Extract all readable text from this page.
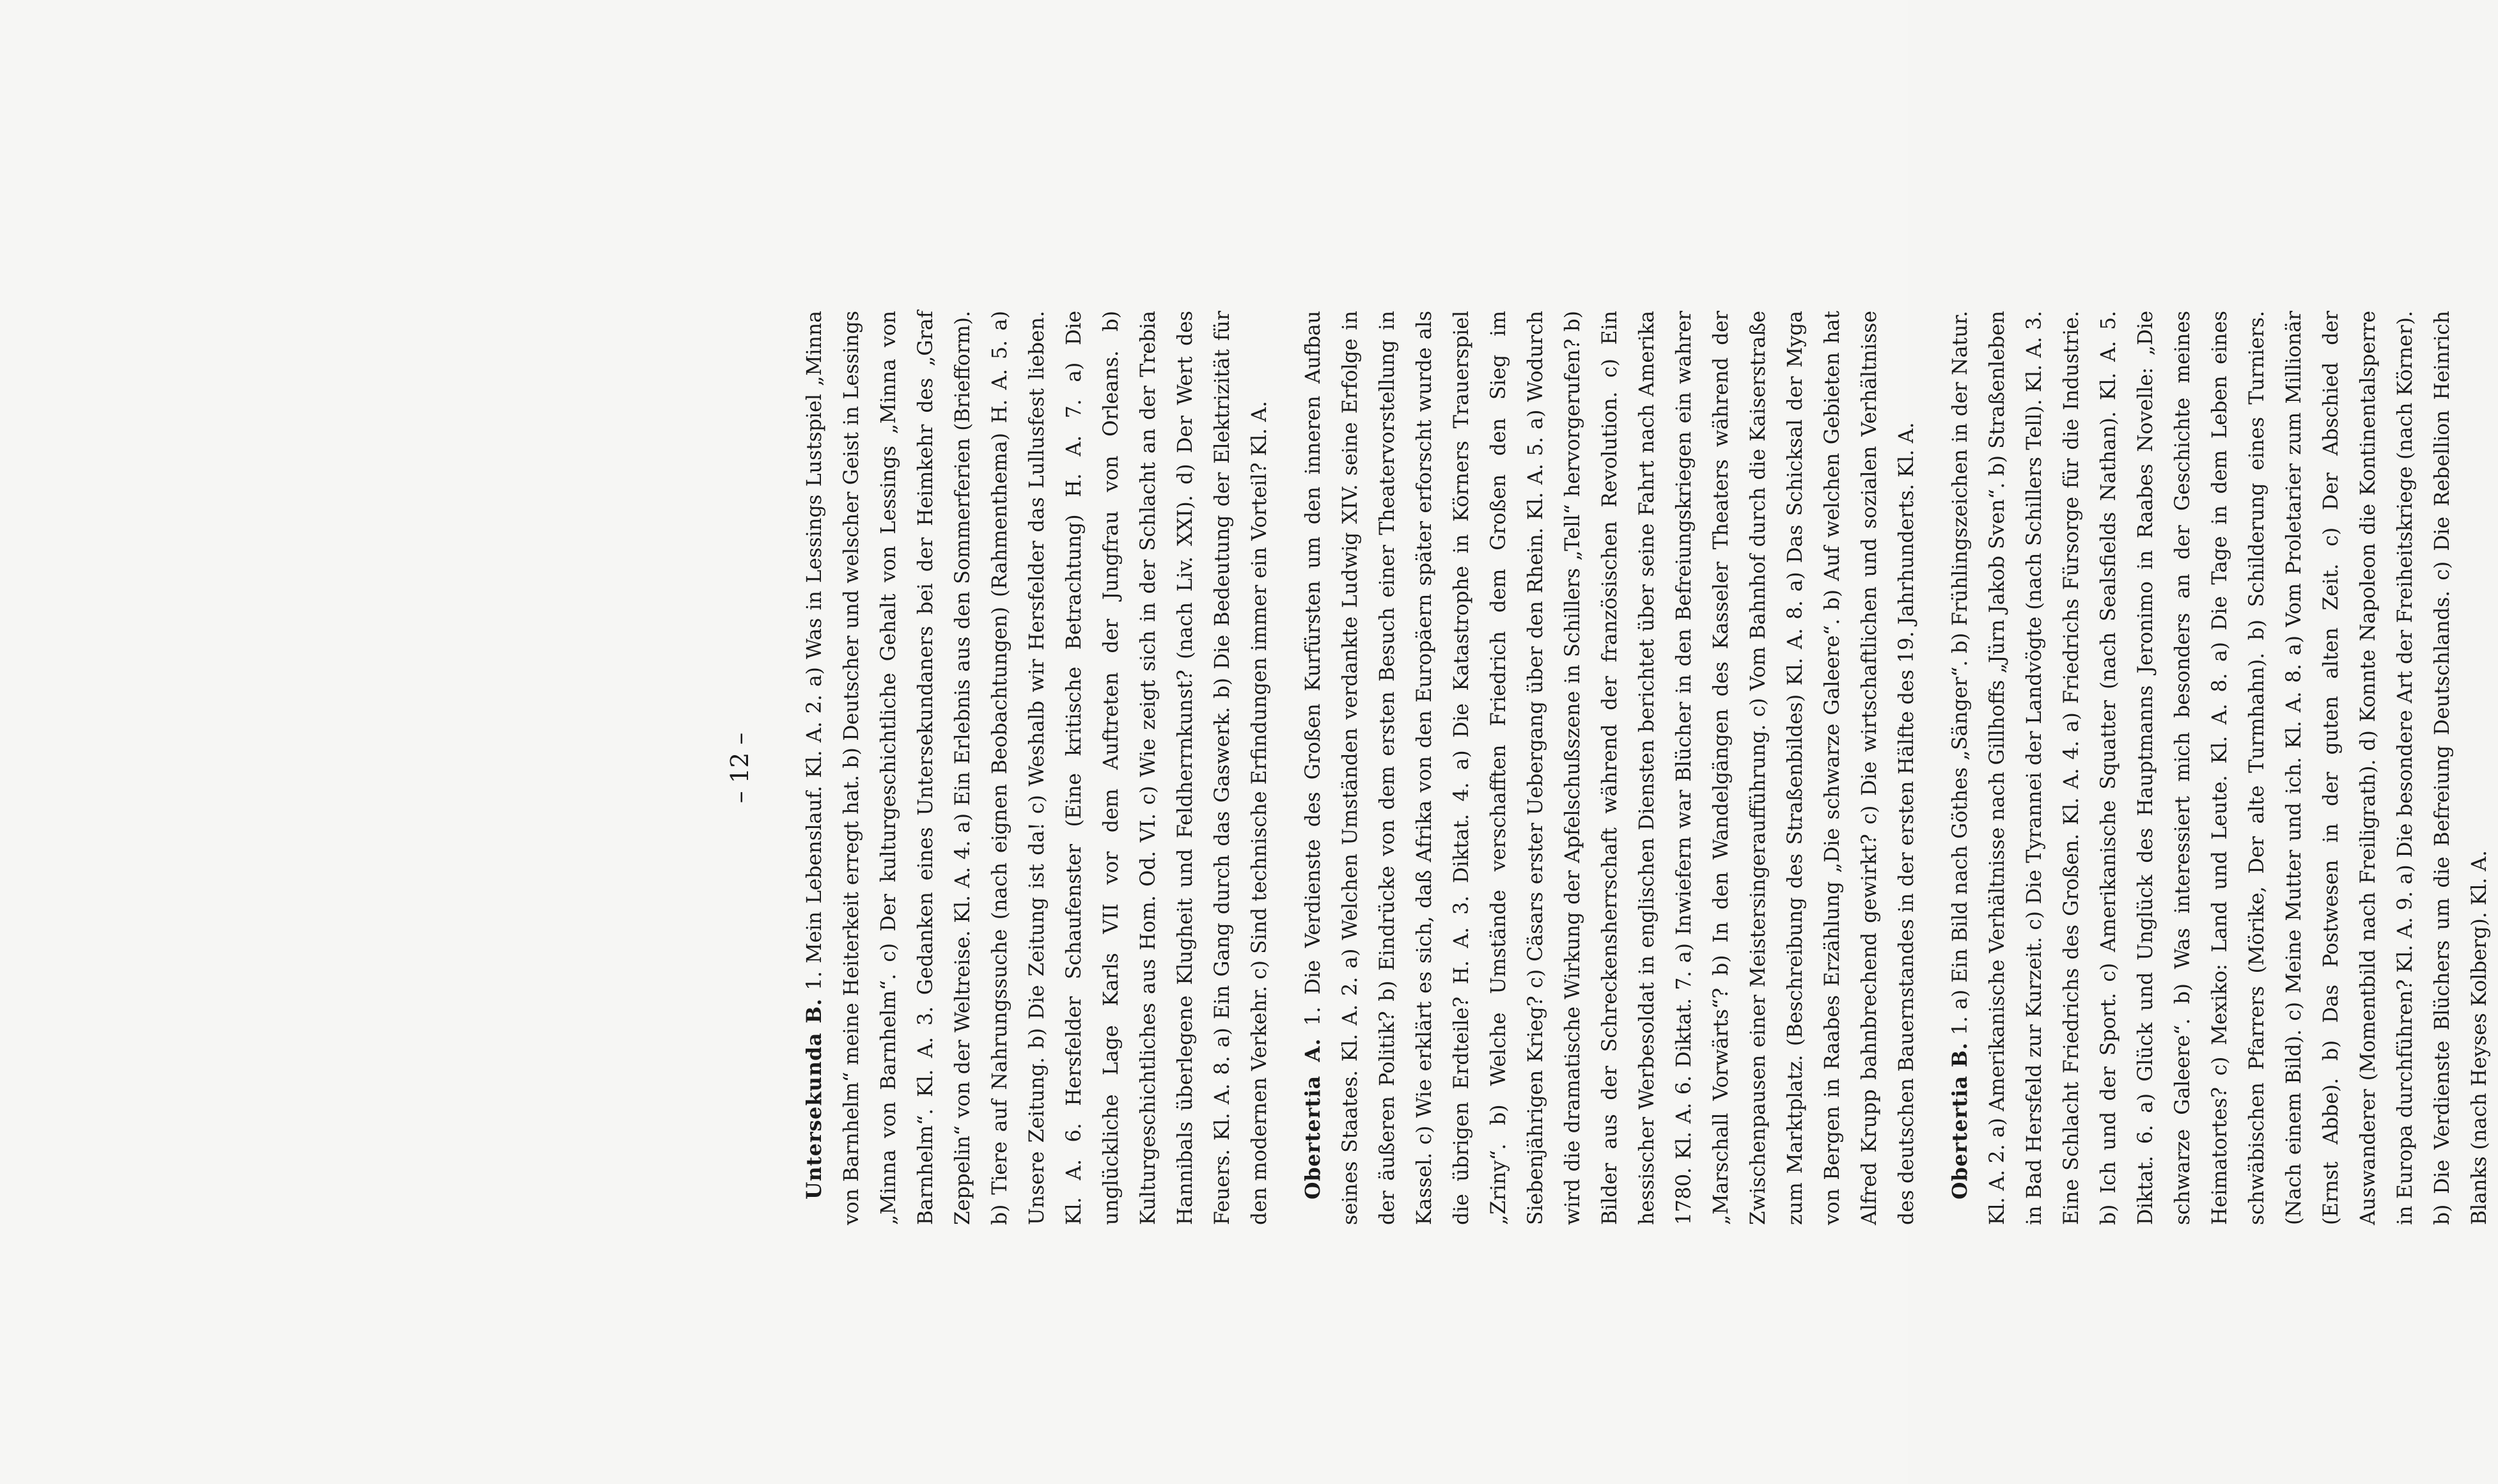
– 12 –

Untersekunda B. 1. Mein Lebenslauf. Kl. A. 2. a) Was in Lessings Lustspiel „Minna von Barnhelm“ meine Heiterkeit erregt hat. b) Deutscher und welscher Geist in Lessings „Minna von Barnhelm“. c) Der kulturgeschichtliche Gehalt von Lessings „Minna von Barnhelm“. Kl. A. 3. Gedanken eines Untersekundaners bei der Heimkehr des „Graf Zeppelin“ von der Weltreise. Kl. A. 4. a) Ein Erlebnis aus den Sommerferien (Briefform). b) Tiere auf Nahrungssuche (nach eignen Beobachtungen) (Rahmenthema) H. A. 5. a) Unsere Zeitung. b) Die Zeitung ist da! c) Weshalb wir Hersfelder das Lullusfest lieben. Kl. A. 6. Hersfelder Schaufenster (Eine kritische Betrachtung) H. A. 7. a) Die unglückliche Lage Karls VII vor dem Auftreten der Jungfrau von Orleans. b) Kulturgeschichtliches aus Hom. Od. VI. c) Wie zeigt sich in der Schlacht an der Trebia Hannibals überlegene Klugheit und Feldherrnkunst? (nach Liv. XXI). d) Der Wert des Feuers. Kl. A. 8. a) Ein Gang durch das Gaswerk. b) Die Bedeutung der Elektrizität für den modernen Verkehr. c) Sind technische Erfindungen immer ein Vorteil? Kl. A.	Obertertia A. 1. Die Verdienste des Großen Kurfürsten um den inneren Aufbau seines Staates. Kl. A. 2. a) Welchen Umständen verdankte Ludwig XIV. seine Erfolge in der äußeren Politik? b) Eindrücke von dem ersten Besuch einer Theatervorstellung in Kassel. c) Wie erklärt es sich, daß Afrika von den Europäern später erforscht wurde als die übrigen Erdteile? H. A. 3. Diktat. 4. a) Die Katastrophe in Körners Trauerspiel „Zriny“. b) Welche Umstände verschafften Friedrich dem Großen den Sieg im Siebenjährigen Krieg? c) Cäsars erster Uebergang über den Rhein. Kl. A. 5. a) Wodurch wird die dramatische Wirkung der Apfelschußszene in Schillers „Tell“ hervorgerufen? b) Bilder aus der Schreckensherrschaft während der französischen Revolution. c) Ein hessischer Werbesoldat in englischen Diensten berichtet über seine Fahrt nach Amerika 1780. Kl. A. 6. Diktat. 7. a) Inwiefern war Blücher in den Befreiungskriegen ein wahrer „Marschall Vorwärts“? b) In den Wandelgängen des Kasseler Theaters während der Zwischenpausen einer Meistersingeraufführung. c) Vom Bahnhof durch die Kaiserstraße zum Marktplatz. (Beschreibung des Straßenbildes) Kl. A. 8. a) Das Schicksal der Myga von Bergen in Raabes Erzählung „Die schwarze Galeere“. b) Auf welchen Gebieten hat Alfred Krupp bahnbrechend gewirkt? c) Die wirtschaftlichen und sozialen Verhältnisse des deutschen Bauernstandes in der ersten Hälfte des 19. Jahrhunderts. Kl. A.	Obertertia B. 1. a) Ein Bild nach Göthes „Sänger“. b) Frühlingszeichen in der Natur. Kl. A. 2. a) Amerikanische Verhältnisse nach Gillhoffs „Jürn Jakob Sven“. b) Straßenleben in Bad Hersfeld zur Kurzeit. c) Die Tyrannei der Landvögte (nach Schillers Tell). Kl. A. 3. Eine Schlacht Friedrichs des Großen. Kl. A. 4. a) Friedrichs Fürsorge für die Industrie. b) Ich und der Sport. c) Amerikanische Squatter (nach Sealsfields Nathan). Kl. A. 5. Diktat. 6. a) Glück und Unglück des Hauptmanns Jeronimo in Raabes Novelle: „Die schwarze Galeere“. b) Was interessiert mich besonders an der Geschichte meines Heimatortes? c) Mexiko: Land und Leute. Kl. A. 8. a) Die Tage in dem Leben eines schwäbischen Pfarrers (Mörike, Der alte Turmhahn). b) Schilderung eines Turniers. (Nach einem Bild). c) Meine Mutter und ich. Kl. A. 8. a) Vom Proletarier zum Millionär (Ernst Abbe). b) Das Postwesen in der guten alten Zeit. c) Der Abschied der Auswanderer (Momentbild nach Freiligrath). d) Konnte Napoleon die Kontinentalsperre in Europa durchführen? Kl. A. 9. a) Die besondere Art der Freiheitskriege (nach Körner). b) Die Verdienste Blüchers um die Befreiung Deutschlands. c) Die Rebellion Heinrich Blanks (nach Heyses Kolberg). Kl. A.
